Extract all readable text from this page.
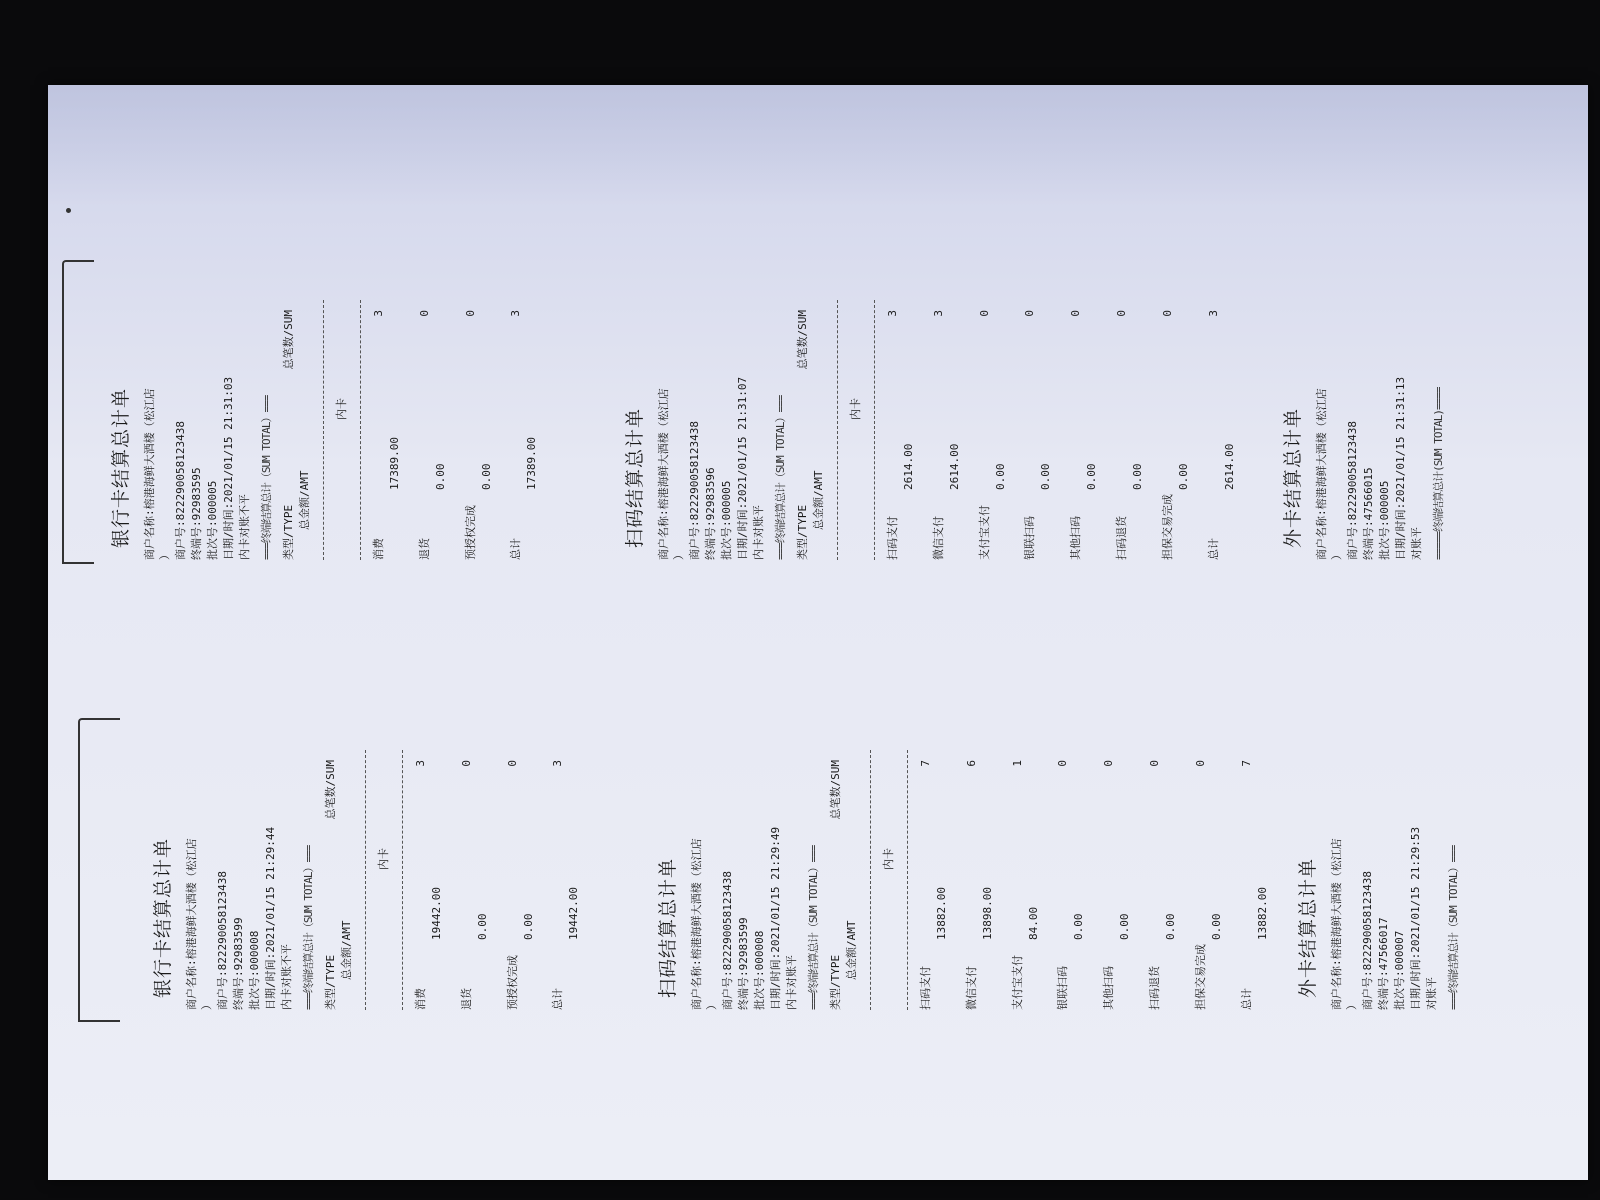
银行卡结算总计单 商户名称:榕港海鲜大酒楼（松江店 ） 商户号:822290058123438 终端号:92983599 批次号:000008 日期/时间:2021/01/15 21:29:44 内卡对账不平 ===终端结算总计（SUM TOTAL）=== 类型/TYPE
总笔数/SUM
总金额/AMT
内卡
消费
3
19442.00
退货
0
0.00
预授权完成
0
0.00
总计
3
19442.00	扫码结算总计单 商户名称:榕港海鲜大酒楼（松江店 ） 商户号:822290058123438 终端号:92983599 批次号:000008 日期/时间:2021/01/15 21:29:49 内卡对账平 ===终端结算总计（SUM TOTAL）=== 类型/TYPE
总笔数/SUM
总金额/AMT
内卡
扫码支付
7
13882.00
微信支付
6
13898.00
支付宝支付
1
84.00
银联扫码
0
0.00
其他扫码
0
0.00
扫码退货
0
0.00
担保交易完成
0
0.00
总计
7
13882.00 外卡结算总计单 商户名称:榕港海鲜大酒楼（松江店 ） 商户号:822290058123438 终端号:47566017 批次号:000007 日期/时间:2021/01/15 21:29:53 对账平 ===终端结算总计（SUM TOTAL）===
银行卡结算总计单 商户名称:榕港海鲜大酒楼（松江店 ） 商户号:822290058123438 终端号:92983595 批次号:000005 日期/时间:2021/01/15 21:31:03 内卡对账不平 ===终端结算总计（SUM TOTAL）=== 类型/TYPE
总笔数/SUM
总金额/AMT
内卡
消费
3
17389.00
退货
0
0.00
预授权完成
0
0.00
总计
3
17389.00	扫码结算总计单 商户名称:榕港海鲜大酒楼（松江店 ） 商户号:822290058123438 终端号:92983596 批次号:000005 日期/时间:2021/01/15 21:31:07 内卡对账平 ===终端结算总计（SUM TOTAL）=== 类型/TYPE
总笔数/SUM
总金额/AMT
内卡
扫码支付
3
2614.00
微信支付
3
2614.00
支付宝支付
0
0.00
银联扫码
0
0.00
其他扫码
0
0.00
扫码退货
0
0.00
担保交易完成
0
0.00
总计
3
2614.00 外卡结算总计单 商户名称:榕港海鲜大酒楼（松江店 ） 商户号:822290058123438 终端号:47566015 批次号:000005 日期/时间:2021/01/15 21:31:13 对账平 =====终端结算总计(SUM TOTAL)====
